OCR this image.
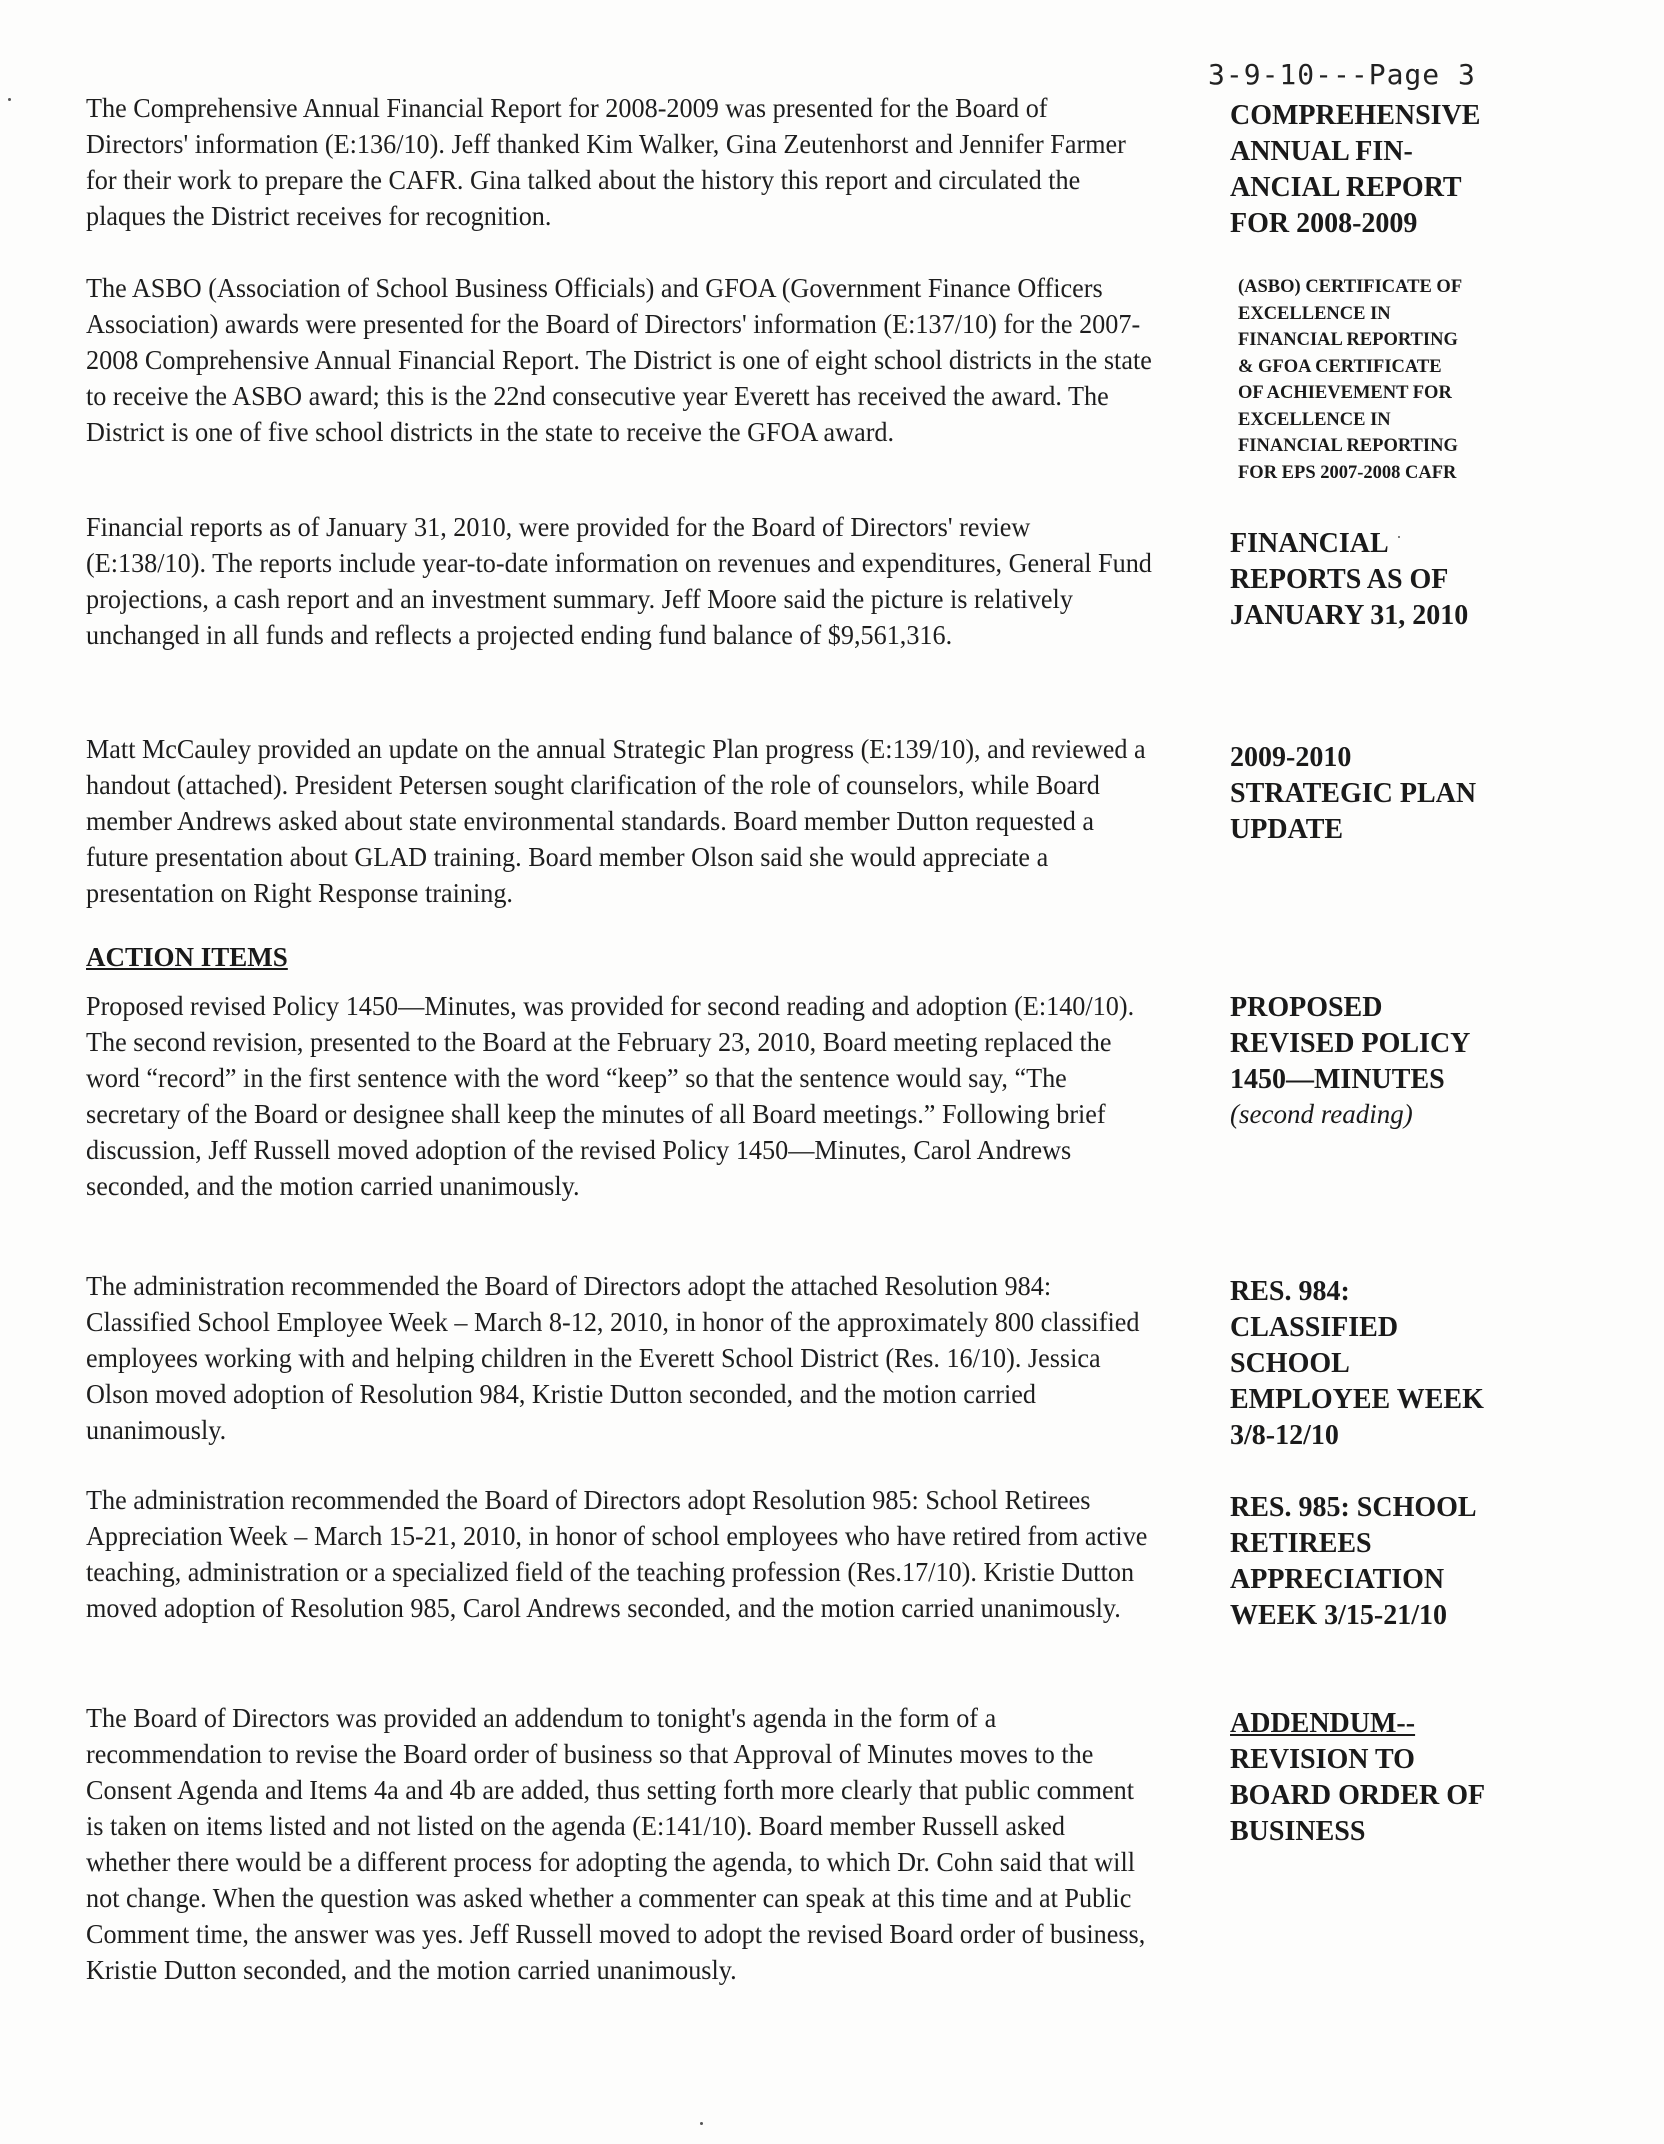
3-9-10---Page 3

The Comprehensive Annual Financial Report for 2008-2009 was presented for the Board of Directors' information (E:136/10). Jeff thanked Kim Walker, Gina Zeutenhorst and Jennifer Farmer for their work to prepare the CAFR. Gina talked about the history this report and circulated the plaques the District receives for recognition.

The ASBO (Association of School Business Officials) and GFOA (Government Finance Officers Association) awards were presented for the Board of Directors' information (E:137/10) for the 2007-2008 Comprehensive Annual Financial Report. The District is one of eight school districts in the state to receive the ASBO award; this is the 22nd consecutive year Everett has received the award. The District is one of five school districts in the state to receive the GFOA award.

Financial reports as of January 31, 2010, were provided for the Board of Directors' review (E:138/10). The reports include year-to-date information on revenues and expenditures, General Fund projections, a cash report and an investment summary. Jeff Moore said the picture is relatively unchanged in all funds and reflects a projected ending fund balance of $9,561,316.

Matt McCauley provided an update on the annual Strategic Plan progress (E:139/10), and reviewed a handout (attached). President Petersen sought clarification of the role of counselors, while Board member Andrews asked about state environmental standards. Board member Dutton requested a future presentation about GLAD training. Board member Olson said she would appreciate a presentation on Right Response training.

ACTION ITEMS

Proposed revised Policy 1450—Minutes, was provided for second reading and adoption (E:140/10). The second revision, presented to the Board at the February 23, 2010, Board meeting replaced the word “record” in the first sentence with the word “keep” so that the sentence would say, “The secretary of the Board or designee shall keep the minutes of all Board meetings.” Following brief discussion, Jeff Russell moved adoption of the revised Policy 1450—Minutes, Carol Andrews seconded, and the motion carried unanimously.

The administration recommended the Board of Directors adopt the attached Resolution 984: Classified School Employee Week – March 8-12, 2010, in honor of the approximately 800 classified employees working with and helping children in the Everett School District (Res. 16/10). Jessica Olson moved adoption of Resolution 984, Kristie Dutton seconded, and the motion carried unanimously.

The administration recommended the Board of Directors adopt Resolution 985: School Retirees Appreciation Week – March 15-21, 2010, in honor of school employees who have retired from active teaching, administration or a specialized field of the teaching profession (Res.17/10). Kristie Dutton moved adoption of Resolution 985, Carol Andrews seconded, and the motion carried unanimously.

The Board of Directors was provided an addendum to tonight's agenda in the form of a recommendation to revise the Board order of business so that Approval of Minutes moves to the Consent Agenda and Items 4a and 4b are added, thus setting forth more clearly that public comment is taken on items listed and not listed on the agenda (E:141/10). Board member Russell asked whether there would be a different process for adopting the agenda, to which Dr. Cohn said that will not change. When the question was asked whether a commenter can speak at this time and at Public Comment time, the answer was yes. Jeff Russell moved to adopt the revised Board order of business, Kristie Dutton seconded, and the motion carried unanimously.

COMPREHENSIVE
ANNUAL FIN-
ANCIAL REPORT
FOR 2008-2009
(ASBO) CERTIFICATE OF
EXCELLENCE IN
FINANCIAL REPORTING
& GFOA CERTIFICATE
OF ACHIEVEMENT FOR
EXCELLENCE IN
FINANCIAL REPORTING
FOR EPS 2007-2008 CAFR
FINANCIAL
REPORTS AS OF
JANUARY 31, 2010
2009-2010
STRATEGIC PLAN
UPDATE
PROPOSED
REVISED POLICY
1450—MINUTES
(second reading)
RES. 984:
CLASSIFIED
SCHOOL
EMPLOYEE WEEK
3/8-12/10
RES. 985: SCHOOL
RETIREES
APPRECIATION
WEEK 3/15-21/10
ADDENDUM--
REVISION TO
BOARD ORDER OF
BUSINESS
